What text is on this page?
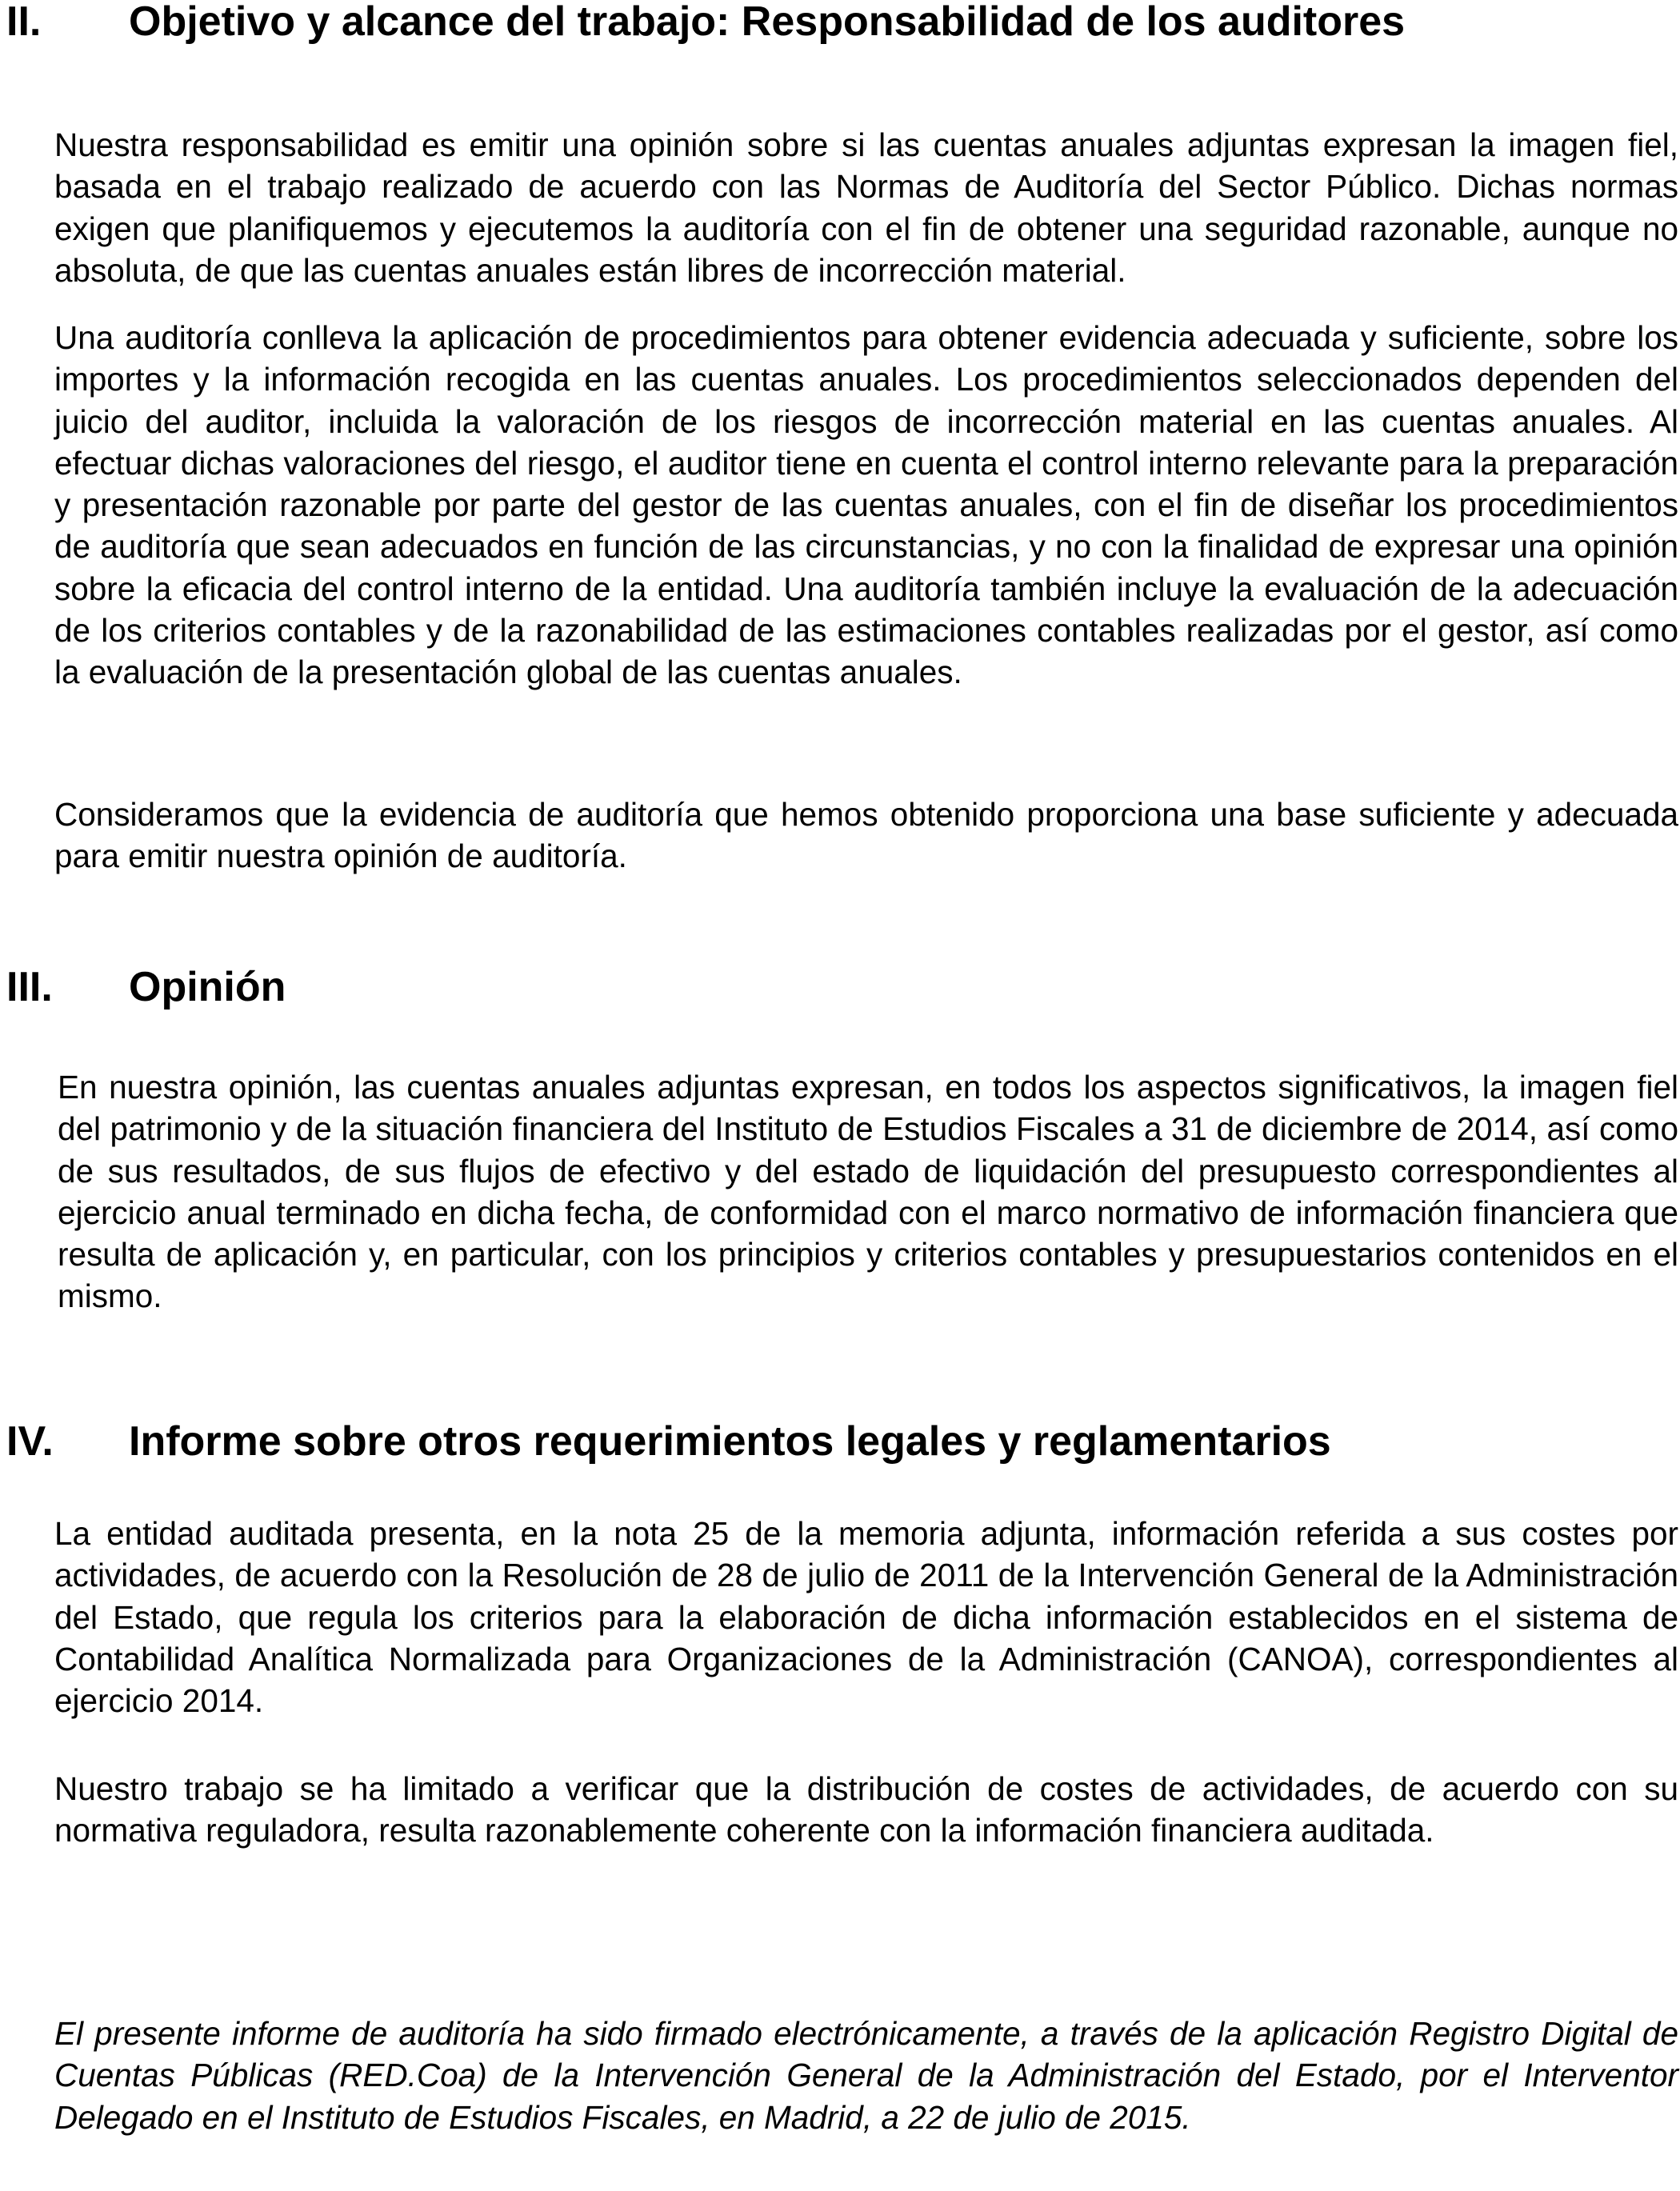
II. Objetivo y alcance del trabajo: Responsabilidad de los auditores

Nuestra responsabilidad es emitir una opinión sobre si las cuentas anuales adjuntas expresan la imagen fiel, basada en el trabajo realizado de acuerdo con las Normas de Auditoría del Sector Público. Dichas normas exigen que planifiquemos y ejecutemos la auditoría con el fin de obtener una seguridad razonable, aunque no absoluta, de que las cuentas anuales están libres de incorrección material.

Una auditoría conlleva la aplicación de procedimientos para obtener evidencia adecuada y suficiente, sobre los importes y la información recogida en las cuentas anuales. Los procedimientos seleccionados dependen del juicio del auditor, incluida la valoración de los riesgos de incorrección material en las cuentas anuales. Al efectuar dichas valoraciones del riesgo, el auditor tiene en cuenta el control interno relevante para la preparación y presentación razonable por parte del gestor de las cuentas anuales, con el fin de diseñar los procedimientos de auditoría que sean adecuados en función de las circunstancias, y no con la finalidad de expresar una opinión sobre la eficacia del control interno de la entidad. Una auditoría también incluye la evaluación de la adecuación de los criterios contables y de la razonabilidad de las estimaciones contables realizadas por el gestor, así como la evaluación de la presentación global de las cuentas anuales.

Consideramos que la evidencia de auditoría que hemos obtenido proporciona una base suficiente y adecuada para emitir nuestra opinión de auditoría.

III. Opinión

En nuestra opinión, las cuentas anuales adjuntas expresan, en todos los aspectos significativos, la imagen fiel del patrimonio y de la situación financiera del Instituto de Estudios Fiscales a 31 de diciembre de 2014, así como de sus resultados, de sus flujos de efectivo y del estado de liquidación del presupuesto correspondientes al ejercicio anual terminado en dicha fecha, de conformidad con el marco normativo de información financiera que resulta de aplicación y, en particular, con los principios y criterios contables y presupuestarios contenidos en el mismo.

IV. Informe sobre otros requerimientos legales y reglamentarios

La entidad auditada presenta, en la nota 25 de la memoria adjunta, información referida a sus costes por actividades, de acuerdo con la Resolución de 28 de julio de 2011 de la Intervención General de la Administración del Estado, que regula los criterios para la elaboración de dicha información establecidos en el sistema de Contabilidad Analítica Normalizada para Organizaciones de la Administración (CANOA), correspondientes al ejercicio 2014.

Nuestro trabajo se ha limitado a verificar que la distribución de costes de actividades, de acuerdo con su normativa reguladora, resulta razonablemente coherente con la información financiera auditada.

El presente informe de auditoría ha sido firmado electrónicamente, a través de la aplicación Registro Digital de Cuentas Públicas (RED.Coa) de la Intervención General de la Administración del Estado, por el Interventor Delegado en el Instituto de Estudios Fiscales, en Madrid, a 22 de julio de 2015.
